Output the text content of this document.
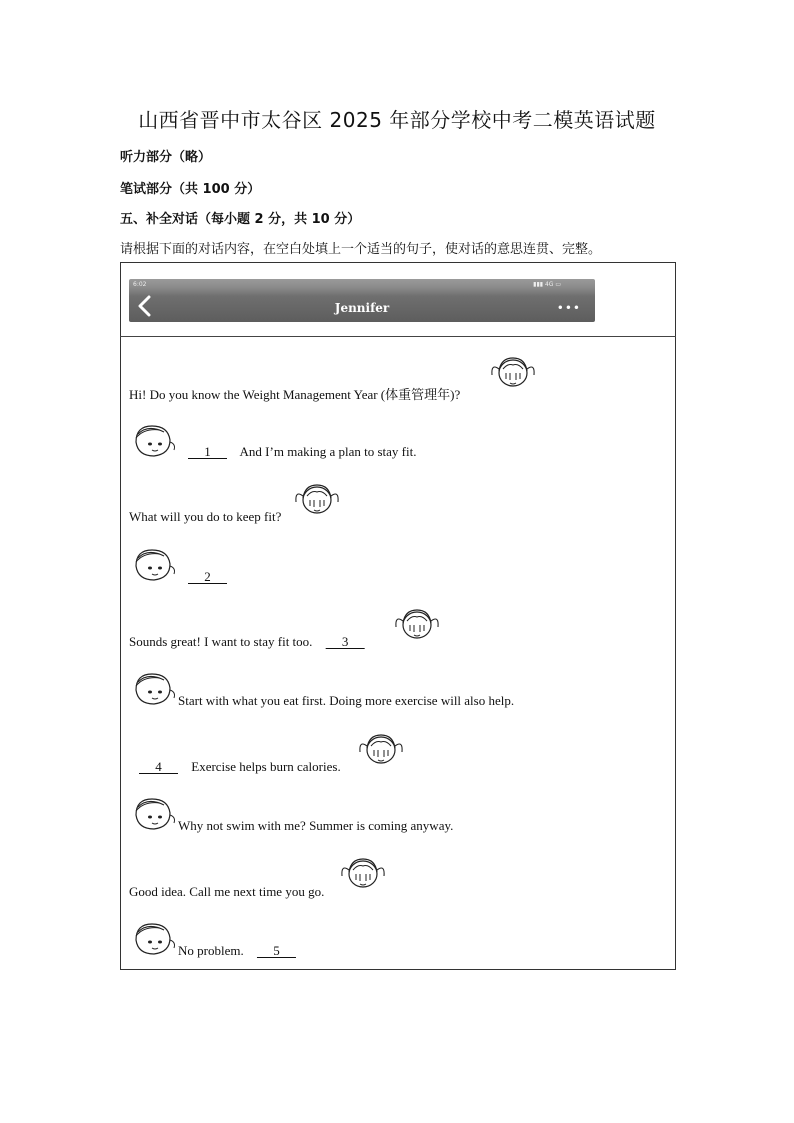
山西省晋中市太谷区 2025 年部分学校中考二模英语试题
听力部分（略）
笔试部分（共 100 分）
五、补全对话（每小题 2 分，共 10 分）
请根据下面的对话内容，在空白处填上一个适当的句子，使对话的意思连贯、完整。
6:02	▮▮▮ 4G ▭
Jennifer	•••
Hi! Do you know the Weight Management Year (体重管理年)?
1      And I’m making a plan to stay fit.
What will you do to keep fit?
2
Sounds great! I want to stay fit too.      3
Start with what you eat first. Doing more exercise will also help.
4      Exercise helps burn calories.
Why not swim with me? Summer is coming anyway.
Good idea. Call me next time you go.
No problem.      5
